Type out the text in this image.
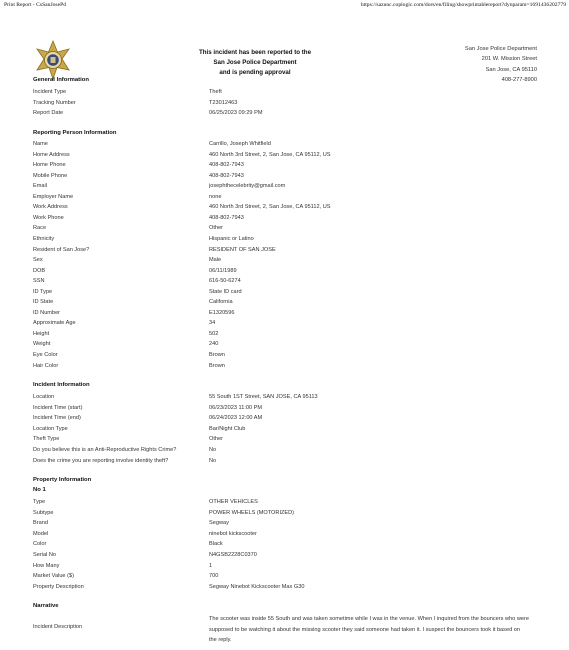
Print Report - CsSanJosePd	https://sazunc.coplogic.com/dors/en/filing/showprintablereport?dynparam=1691436202779
This incident has been reported to the
San Jose Police Department
and is pending approval
San Jose Police Department
201 W. Mission Street
San Jose, CA 95110
408-277-8900
General Information
Incident Type	Theft
Tracking Number	T23012463
Report Date	06/25/2023 09:29 PM
Reporting Person Information
Name	Carrillo, Joseph Whitfield
Home Address	460 North 3rd Street, 2, San Jose, CA 95112, US
Home Phone	408-802-7943
Mobile Phone	408-802-7943
Email	josephthecelebrity@gmail.com
Employer Name	none
Work Address	460 North 3rd Street, 2, San Jose, CA 95112, US
Work Phone	408-802-7943
Race	Other
Ethnicity	Hispanic or Latino
Resident of San Jose?	RESIDENT OF SAN JOSE
Sex	Male
DOB	06/11/1989
SSN	616-50-6274
ID Type	State ID card
ID State	California
ID Number	E1320596
Approximate Age	34
Height	502
Weight	240
Eye Color	Brown
Hair Color	Brown
Incident Information
Location	55 South 1ST Street, SAN JOSE, CA 95113
Incident Time (start)	06/23/2023 11:00 PM
Incident Time (end)	06/24/2023 12:00 AM
Location Type	Bar/Night Club
Theft Type	Other
Do you believe this is an Anti-Reproductive Rights Crime?	No
Does the crime you are reporting involve identity theft?	No
Property Information
No 1
Type	OTHER VEHICLES
Subtype	POWER WHEELS (MOTORIZED)
Brand	Segway
Model	ninebot kickscooter
Color	Black
Serial No	N4GSB2228C0370
How Many	1
Market Value ($)	700
Property Description	Segway Ninebot Kickscooter Max G30
Narrative
Incident Description
The scooter was inside 55 South and was taken sometime while I was in the venue. When I inquired from the bouncers who were supposed to be watching it about the missing scooter they said someone had taken it. I suspect the bouncers took it based on the reply.
